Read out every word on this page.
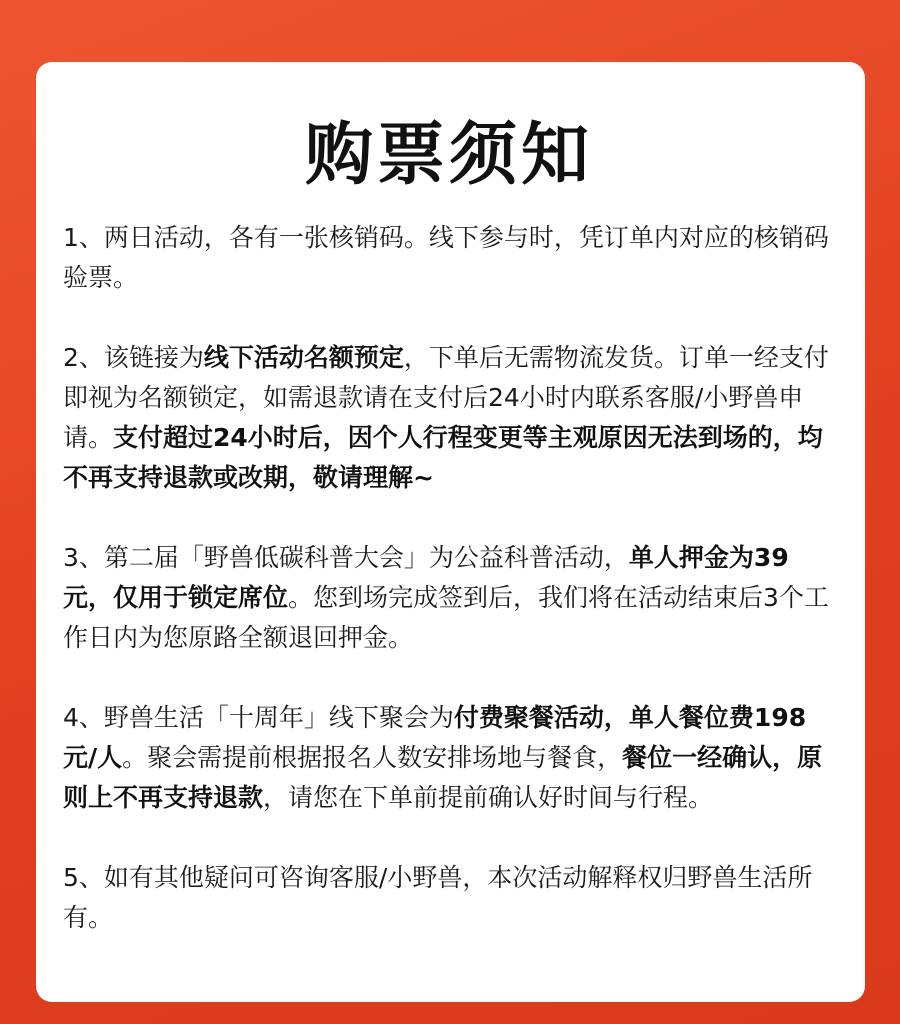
购票须知

1、两日活动，各有一张核销码。线下参与时，凭订单内对应的核销码验票。

2、该链接为线下活动名额预定，下单后无需物流发货。订单一经支付即视为名额锁定，如需退款请在支付后24小时内联系客服/小野兽申请。支付超过24小时后，因个人行程变更等主观原因无法到场的，均不再支持退款或改期，敬请理解~

3、第二届「野兽低碳科普大会」为公益科普活动，单人押金为39元，仅用于锁定席位。您到场完成签到后，我们将在活动结束后3个工作日内为您原路全额退回押金。

4、野兽生活「十周年」线下聚会为付费聚餐活动，单人餐位费198元/人。聚会需提前根据报名人数安排场地与餐食，餐位一经确认，原则上不再支持退款，请您在下单前提前确认好时间与行程。

5、如有其他疑问可咨询客服/小野兽，本次活动解释权归野兽生活所有。
